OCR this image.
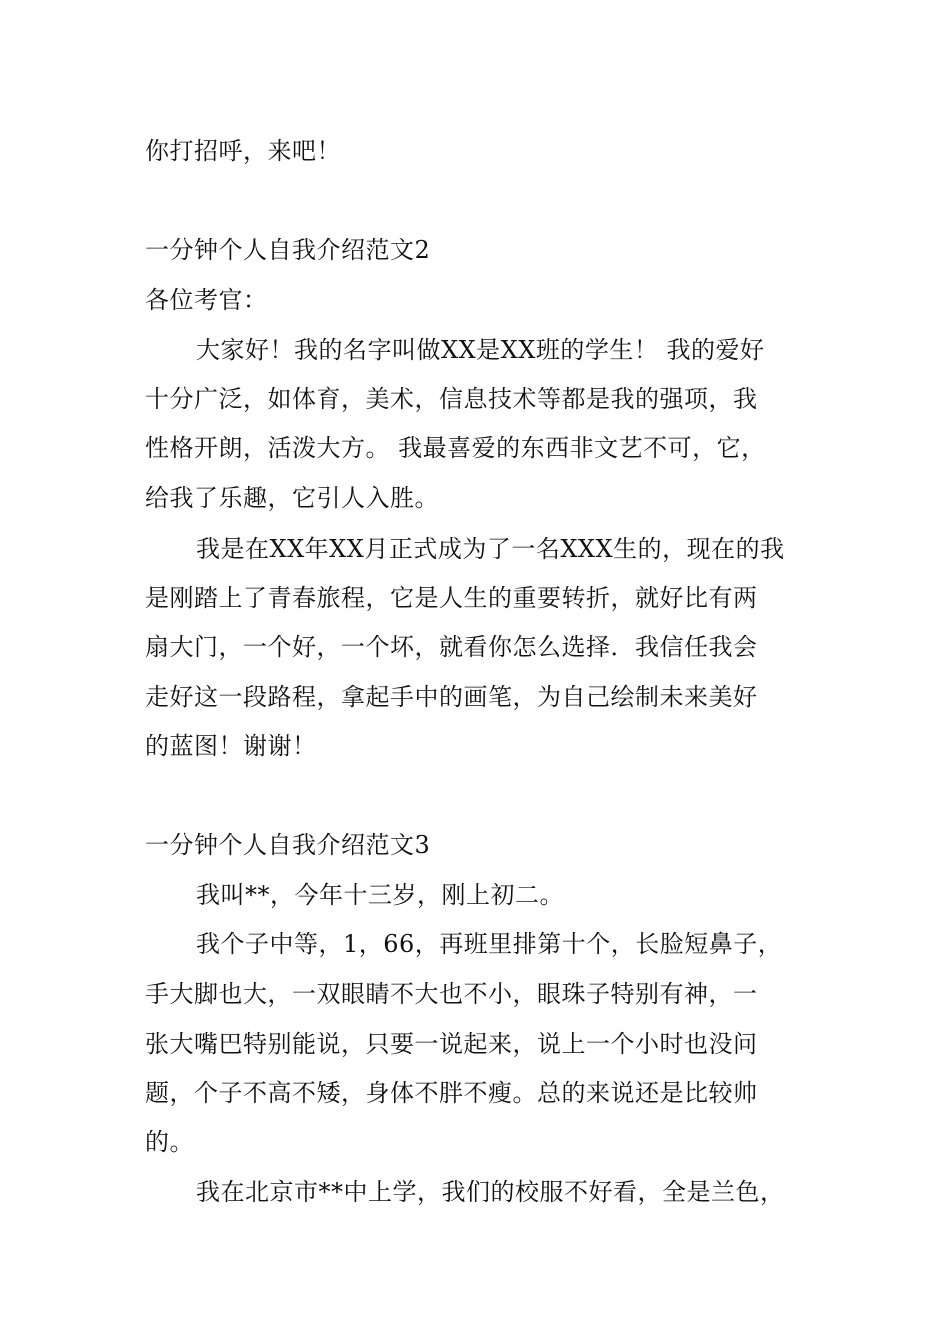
你打招呼，来吧！
一分钟个人自我介绍范文2
各位考官：
大家好！我的名字叫做XX是XX班的学生！ 我的爱好
十分广泛，如体育，美术，信息技术等都是我的强项，我
性格开朗，活泼大方。 我最喜爱的东西非文艺不可，它，
给我了乐趣，它引人入胜。
我是在XX年XX月正式成为了一名XXX生的，现在的我
是刚踏上了青春旅程，它是人生的重要转折，就好比有两
扇大门，一个好，一个坏，就看你怎么选择．我信任我会
走好这一段路程，拿起手中的画笔，为自己绘制未来美好
的蓝图！谢谢！
一分钟个人自我介绍范文3
我叫**，今年十三岁，刚上初二。
我个子中等，1，66，再班里排第十个，长脸短鼻子，
手大脚也大，一双眼睛不大也不小，眼珠子特别有神，一
张大嘴巴特别能说，只要一说起来，说上一个小时也没问
题，个子不高不矮，身体不胖不瘦。总的来说还是比较帅
的。
我在北京市**中上学，我们的校服不好看，全是兰色，
